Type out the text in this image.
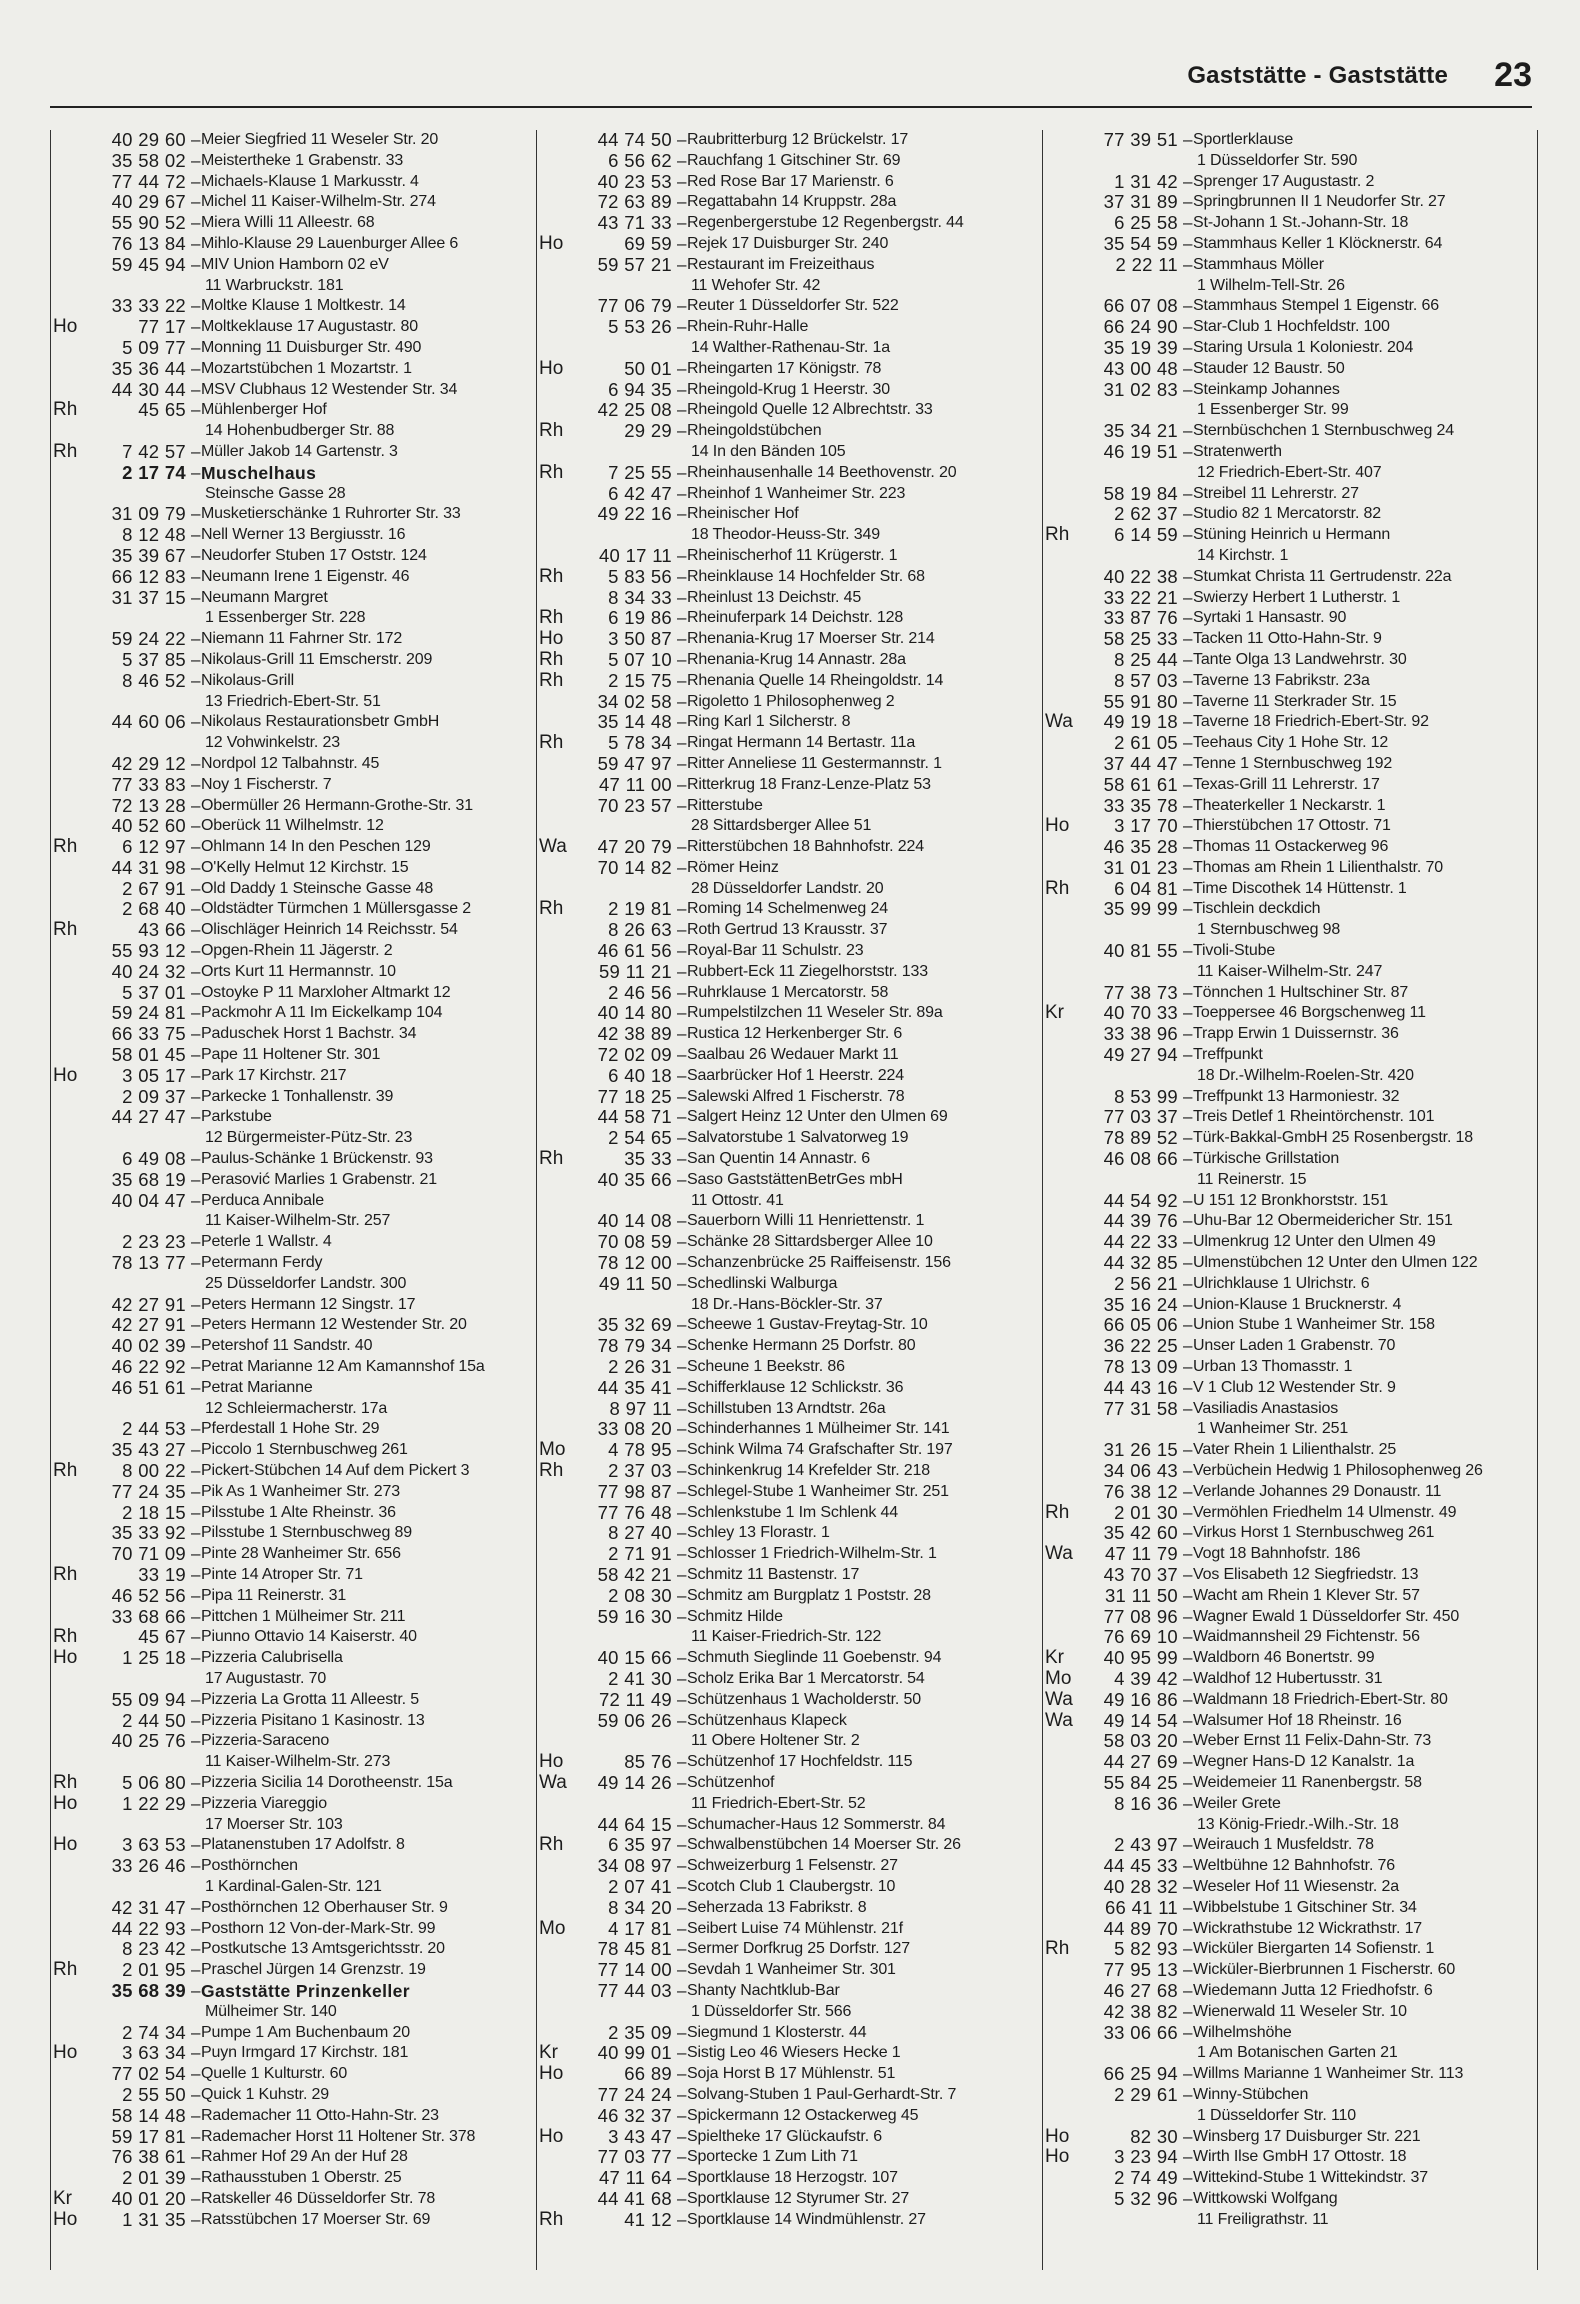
Gaststätte - Gaststätte 23
40 29 60 – Meier Siegfried 11 Weseler Str. 20
35 58 02 – Meistertheke 1 Grabenstr. 33
77 44 72 – Michaels-Klause 1 Markusstr. 4
40 29 67 – Michel 11 Kaiser-Wilhelm-Str. 274
55 90 52 – Miera Willi 11 Alleestr. 68
76 13 84 – Mihlo-Klause 29 Lauenburger Allee 6
59 45 94 – MIV Union Hamborn 02 eV
11 Warbruckstr. 181
33 33 22 – Moltke Klause 1 Moltkestr. 14
Ho	77 17 – Moltkeklause 17 Augustastr. 80
5 09 77 – Monning 11 Duisburger Str. 490
35 36 44 – Mozartstübchen 1 Mozartstr. 1
44 30 44 – MSV Clubhaus 12 Westender Str. 34
Rh	45 65 – Mühlenberger Hof
14 Hohenbudberger Str. 88
Rh	7 42 57 – Müller Jakob 14 Gartenstr. 3
2 17 74 – Muschelhaus
Steinsche Gasse 28
31 09 79 – Musketierschänke 1 Ruhrorter Str. 33
8 12 48 – Nell Werner 13 Bergiusstr. 16
35 39 67 – Neudorfer Stuben 17 Oststr. 124
66 12 83 – Neumann Irene 1 Eigenstr. 46
31 37 15 – Neumann Margret
1 Essenberger Str. 228
59 24 22 – Niemann 11 Fahrner Str. 172
5 37 85 – Nikolaus-Grill 11 Emscherstr. 209
8 46 52 – Nikolaus-Grill
13 Friedrich-Ebert-Str. 51
44 60 06 – Nikolaus Restaurationsbetr GmbH
12 Vohwinkelstr. 23
42 29 12 – Nordpol 12 Talbahnstr. 45
77 33 83 – Noy 1 Fischerstr. 7
72 13 28 – Obermüller 26 Hermann-Grothe-Str. 31
40 52 60 – Oberück 11 Wilhelmstr. 12
Rh	6 12 97 – Ohlmann 14 In den Peschen 129
44 31 98 – O'Kelly Helmut 12 Kirchstr. 15
2 67 91 – Old Daddy 1 Steinsche Gasse 48
2 68 40 – Oldstädter Türmchen 1 Müllersgasse 2
Rh	43 66 – Olischläger Heinrich 14 Reichsstr. 54
55 93 12 – Opgen-Rhein 11 Jägerstr. 2
40 24 32 – Orts Kurt 11 Hermannstr. 10
5 37 01 – Ostoyke P 11 Marxloher Altmarkt 12
59 24 81 – Packmohr A 11 Im Eickelkamp 104
66 33 75 – Paduschek Horst 1 Bachstr. 34
58 01 45 – Pape 11 Holtener Str. 301
Ho	3 05 17 – Park 17 Kirchstr. 217
2 09 37 – Parkecke 1 Tonhallenstr. 39
44 27 47 – Parkstube
12 Bürgermeister-Pütz-Str. 23
6 49 08 – Paulus-Schänke 1 Brückenstr. 93
35 68 19 – Perasović Marlies 1 Grabenstr. 21
40 04 47 – Perduca Annibale
11 Kaiser-Wilhelm-Str. 257
2 23 23 – Peterle 1 Wallstr. 4
78 13 77 – Petermann Ferdy
25 Düsseldorfer Landstr. 300
42 27 91 – Peters Hermann 12 Singstr. 17
42 27 91 – Peters Hermann 12 Westender Str. 20
40 02 39 – Petershof 11 Sandstr. 40
46 22 92 – Petrat Marianne 12 Am Kamannshof 15a
46 51 61 – Petrat Marianne
12 Schleiermacherstr. 17a
2 44 53 – Pferdestall 1 Hohe Str. 29
35 43 27 – Piccolo 1 Sternbuschweg 261
Rh	8 00 22 – Pickert-Stübchen 14 Auf dem Pickert 3
77 24 35 – Pik As 1 Wanheimer Str. 273
2 18 15 – Pilsstube 1 Alte Rheinstr. 36
35 33 92 – Pilsstube 1 Sternbuschweg 89
70 71 09 – Pinte 28 Wanheimer Str. 656
Rh	33 19 – Pinte 14 Atroper Str. 71
46 52 56 – Pipa 11 Reinerstr. 31
33 68 66 – Pittchen 1 Mülheimer Str. 211
Rh	45 67 – Piunno Ottavio 14 Kaiserstr. 40
Ho	1 25 18 – Pizzeria Calubrisella
17 Augustastr. 70
55 09 94 – Pizzeria La Grotta 11 Alleestr. 5
2 44 50 – Pizzeria Pisitano 1 Kasinostr. 13
40 25 76 – Pizzeria-Saraceno
11 Kaiser-Wilhelm-Str. 273
Rh	5 06 80 – Pizzeria Sicilia 14 Dorotheenstr. 15a
Ho	1 22 29 – Pizzeria Viareggio
17 Moerser Str. 103
Ho	3 63 53 – Platanenstuben 17 Adolfstr. 8
33 26 46 – Posthörnchen
1 Kardinal-Galen-Str. 121
42 31 47 – Posthörnchen 12 Oberhauser Str. 9
44 22 93 – Posthorn 12 Von-der-Mark-Str. 99
8 23 42 – Postkutsche 13 Amtsgerichtsstr. 20
Rh	2 01 95 – Praschel Jürgen 14 Grenzstr. 19
35 68 39 – Gaststätte Prinzenkeller
Mülheimer Str. 140
2 74 34 – Pumpe 1 Am Buchenbaum 20
Ho	3 63 34 – Puyn Irmgard 17 Kirchstr. 181
77 02 54 – Quelle 1 Kulturstr. 60
2 55 50 – Quick 1 Kuhstr. 29
58 14 48 – Rademacher 11 Otto-Hahn-Str. 23
59 17 81 – Rademacher Horst 11 Holtener Str. 378
76 38 61 – Rahmer Hof 29 An der Huf 28
2 01 39 – Rathausstuben 1 Oberstr. 25
Kr	40 01 20 – Ratskeller 46 Düsseldorfer Str. 78
Ho	1 31 35 – Ratsstübchen 17 Moerser Str. 69
44 74 50 – Raubritterburg 12 Brückelstr. 17
6 56 62 – Rauchfang 1 Gitschiner Str. 69
40 23 53 – Red Rose Bar 17 Marienstr. 6
72 63 89 – Regattabahn 14 Kruppstr. 28a
43 71 33 – Regenbergerstube 12 Regenbergstr. 44
Ho	69 59 – Rejek 17 Duisburger Str. 240
59 57 21 – Restaurant im Freizeithaus
11 Wehofer Str. 42
77 06 79 – Reuter 1 Düsseldorfer Str. 522
5 53 26 – Rhein-Ruhr-Halle
14 Walther-Rathenau-Str. 1a
Ho	50 01 – Rheingarten 17 Königstr. 78
6 94 35 – Rheingold-Krug 1 Heerstr. 30
42 25 08 – Rheingold Quelle 12 Albrechtstr. 33
Rh	29 29 – Rheingoldstübchen
14 In den Bänden 105
Rh	7 25 55 – Rheinhausenhalle 14 Beethovenstr. 20
6 42 47 – Rheinhof 1 Wanheimer Str. 223
49 22 16 – Rheinischer Hof
18 Theodor-Heuss-Str. 349
40 17 11 – Rheinischerhof 11 Krügerstr. 1
Rh	5 83 56 – Rheinklause 14 Hochfelder Str. 68
8 34 33 – Rheinlust 13 Deichstr. 45
Rh	6 19 86 – Rheinuferpark 14 Deichstr. 128
Ho	3 50 87 – Rhenania-Krug 17 Moerser Str. 214
Rh	5 07 10 – Rhenania-Krug 14 Annastr. 28a
Rh	2 15 75 – Rhenania Quelle 14 Rheingoldstr. 14
34 02 58 – Rigoletto 1 Philosophenweg 2
35 14 48 – Ring Karl 1 Silcherstr. 8
Rh	5 78 34 – Ringat Hermann 14 Bertastr. 11a
59 47 97 – Ritter Anneliese 11 Gestermannstr. 1
47 11 00 – Ritterkrug 18 Franz-Lenze-Platz 53
70 23 57 – Ritterstube
28 Sittardsberger Allee 51
Wa	47 20 79 – Ritterstübchen 18 Bahnhofstr. 224
70 14 82 – Römer Heinz
28 Düsseldorfer Landstr. 20
Rh	2 19 81 – Roming 14 Schelmenweg 24
8 26 63 – Roth Gertrud 13 Krausstr. 37
46 61 56 – Royal-Bar 11 Schulstr. 23
59 11 21 – Rubbert-Eck 11 Ziegelhorststr. 133
2 46 56 – Ruhrklause 1 Mercatorstr. 58
40 14 80 – Rumpelstilzchen 11 Weseler Str. 89a
42 38 89 – Rustica 12 Herkenberger Str. 6
72 02 09 – Saalbau 26 Wedauer Markt 11
6 40 18 – Saarbrücker Hof 1 Heerstr. 224
77 18 25 – Salewski Alfred 1 Fischerstr. 78
44 58 71 – Salgert Heinz 12 Unter den Ulmen 69
2 54 65 – Salvatorstube 1 Salvatorweg 19
Rh	35 33 – San Quentin 14 Annastr. 6
40 35 66 – Saso GaststättenBetrGes mbH
11 Ottostr. 41
40 14 08 – Sauerborn Willi 11 Henriettenstr. 1
70 08 59 – Schänke 28 Sittardsberger Allee 10
78 12 00 – Schanzenbrücke 25 Raiffeisenstr. 156
49 11 50 – Schedlinski Walburga
18 Dr.-Hans-Böckler-Str. 37
35 32 69 – Scheewe 1 Gustav-Freytag-Str. 10
78 79 34 – Schenke Hermann 25 Dorfstr. 80
2 26 31 – Scheune 1 Beekstr. 86
44 35 41 – Schifferklause 12 Schlickstr. 36
8 97 11 – Schillstuben 13 Arndtstr. 26a
33 08 20 – Schinderhannes 1 Mülheimer Str. 141
Mo	4 78 95 – Schink Wilma 74 Grafschafter Str. 197
Rh	2 37 03 – Schinkenkrug 14 Krefelder Str. 218
77 98 87 – Schlegel-Stube 1 Wanheimer Str. 251
77 76 48 – Schlenkstube 1 Im Schlenk 44
8 27 40 – Schley 13 Florastr. 1
2 71 91 – Schlosser 1 Friedrich-Wilhelm-Str. 1
58 42 21 – Schmitz 11 Bastenstr. 17
2 08 30 – Schmitz am Burgplatz 1 Poststr. 28
59 16 30 – Schmitz Hilde
11 Kaiser-Friedrich-Str. 122
40 15 66 – Schmuth Sieglinde 11 Goebenstr. 94
2 41 30 – Scholz Erika Bar 1 Mercatorstr. 54
72 11 49 – Schützenhaus 1 Wacholderstr. 50
59 06 26 – Schützenhaus Klapeck
11 Obere Holtener Str. 2
Ho	85 76 – Schützenhof 17 Hochfeldstr. 115
Wa	49 14 26 – Schützenhof
11 Friedrich-Ebert-Str. 52
44 64 15 – Schumacher-Haus 12 Sommerstr. 84
Rh	6 35 97 – Schwalbenstübchen 14 Moerser Str. 26
34 08 97 – Schweizerburg 1 Felsenstr. 27
2 07 41 – Scotch Club 1 Claubergstr. 10
8 34 20 – Seherzada 13 Fabrikstr. 8
Mo	4 17 81 – Seibert Luise 74 Mühlenstr. 21f
78 45 81 – Sermer Dorfkrug 25 Dorfstr. 127
77 14 00 – Sevdah 1 Wanheimer Str. 301
77 44 03 – Shanty Nachtklub-Bar
1 Düsseldorfer Str. 566
2 35 09 – Siegmund 1 Klosterstr. 44
Kr	40 99 01 – Sistig Leo 46 Wiesers Hecke 1
Ho	66 89 – Soja Horst B 17 Mühlenstr. 51
77 24 24 – Solvang-Stuben 1 Paul-Gerhardt-Str. 7
46 32 37 – Spickermann 12 Ostackerweg 45
Ho	3 43 47 – Spieltheke 17 Glückaufstr. 6
77 03 77 – Sportecke 1 Zum Lith 71
47 11 64 – Sportklause 18 Herzogstr. 107
44 41 68 – Sportklause 12 Styrumer Str. 27
Rh	41 12 – Sportklause 14 Windmühlenstr. 27
77 39 51 – Sportlerklause
1 Düsseldorfer Str. 590
1 31 42 – Sprenger 17 Augustastr. 2
37 31 89 – Springbrunnen II 1 Neudorfer Str. 27
6 25 58 – St-Johann 1 St.-Johann-Str. 18
35 54 59 – Stammhaus Keller 1 Klöcknerstr. 64
2 22 11 – Stammhaus Möller
1 Wilhelm-Tell-Str. 26
66 07 08 – Stammhaus Stempel 1 Eigenstr. 66
66 24 90 – Star-Club 1 Hochfeldstr. 100
35 19 39 – Staring Ursula 1 Koloniestr. 204
43 00 48 – Stauder 12 Baustr. 50
31 02 83 – Steinkamp Johannes
1 Essenberger Str. 99
35 34 21 – Sternbüschchen 1 Sternbuschweg 24
46 19 51 – Stratenwerth
12 Friedrich-Ebert-Str. 407
58 19 84 – Streibel 11 Lehrerstr. 27
2 62 37 – Studio 82 1 Mercatorstr. 82
Rh	6 14 59 – Stüning Heinrich u Hermann
14 Kirchstr. 1
40 22 38 – Stumkat Christa 11 Gertrudenstr. 22a
33 22 21 – Swierzy Herbert 1 Lutherstr. 1
33 87 76 – Syrtaki 1 Hansastr. 90
58 25 33 – Tacken 11 Otto-Hahn-Str. 9
8 25 44 – Tante Olga 13 Landwehrstr. 30
8 57 03 – Taverne 13 Fabrikstr. 23a
55 91 80 – Taverne 11 Sterkrader Str. 15
Wa	49 19 18 – Taverne 18 Friedrich-Ebert-Str. 92
2 61 05 – Teehaus City 1 Hohe Str. 12
37 44 47 – Tenne 1 Sternbuschweg 192
58 61 61 – Texas-Grill 11 Lehrerstr. 17
33 35 78 – Theaterkeller 1 Neckarstr. 1
Ho	3 17 70 – Thierstübchen 17 Ottostr. 71
46 35 28 – Thomas 11 Ostackerweg 96
31 01 23 – Thomas am Rhein 1 Lilienthalstr. 70
Rh	6 04 81 – Time Discothek 14 Hüttenstr. 1
35 99 99 – Tischlein deckdich
1 Sternbuschweg 98
40 81 55 – Tivoli-Stube
11 Kaiser-Wilhelm-Str. 247
77 38 73 – Tönnchen 1 Hultschiner Str. 87
Kr	40 70 33 – Toeppersee 46 Borgschenweg 11
33 38 96 – Trapp Erwin 1 Duissernstr. 36
49 27 94 – Treffpunkt
18 Dr.-Wilhelm-Roelen-Str. 420
8 53 99 – Treffpunkt 13 Harmoniestr. 32
77 03 37 – Treis Detlef 1 Rheintörchenstr. 101
78 89 52 – Türk-Bakkal-GmbH 25 Rosenbergstr. 18
46 08 66 – Türkische Grillstation
11 Reinerstr. 15
44 54 92 – U 151 12 Bronkhorststr. 151
44 39 76 – Uhu-Bar 12 Obermeidericher Str. 151
44 22 33 – Ulmenkrug 12 Unter den Ulmen 49
44 32 85 – Ulmenstübchen 12 Unter den Ulmen 122
2 56 21 – Ulrichklause 1 Ulrichstr. 6
35 16 24 – Union-Klause 1 Brucknerstr. 4
66 05 06 – Union Stube 1 Wanheimer Str. 158
36 22 25 – Unser Laden 1 Grabenstr. 70
78 13 09 – Urban 13 Thomasstr. 1
44 43 16 – V 1 Club 12 Westender Str. 9
77 31 58 – Vasiliadis Anastasios
1 Wanheimer Str. 251
31 26 15 – Vater Rhein 1 Lilienthalstr. 25
34 06 43 – Verbüchein Hedwig 1 Philosophenweg 26
76 38 12 – Verlande Johannes 29 Donaustr. 11
Rh	2 01 30 – Vermöhlen Friedhelm 14 Ulmenstr. 49
35 42 60 – Virkus Horst 1 Sternbuschweg 261
Wa	47 11 79 – Vogt 18 Bahnhofstr. 186
43 70 37 – Vos Elisabeth 12 Siegfriedstr. 13
31 11 50 – Wacht am Rhein 1 Klever Str. 57
77 08 96 – Wagner Ewald 1 Düsseldorfer Str. 450
76 69 10 – Waidmannsheil 29 Fichtenstr. 56
Kr	40 95 99 – Waldborn 46 Bonertstr. 99
Mo	4 39 42 – Waldhof 12 Hubertusstr. 31
Wa	49 16 86 – Waldmann 18 Friedrich-Ebert-Str. 80
Wa	49 14 54 – Walsumer Hof 18 Rheinstr. 16
58 03 20 – Weber Ernst 11 Felix-Dahn-Str. 73
44 27 69 – Wegner Hans-D 12 Kanalstr. 1a
55 84 25 – Weidemeier 11 Ranenbergstr. 58
8 16 36 – Weiler Grete
13 König-Friedr.-Wilh.-Str. 18
2 43 97 – Weirauch 1 Musfeldstr. 78
44 45 33 – Weltbühne 12 Bahnhofstr. 76
40 28 32 – Weseler Hof 11 Wiesenstr. 2a
66 41 11 – Wibbelstube 1 Gitschiner Str. 34
44 89 70 – Wickrathstube 12 Wickrathstr. 17
Rh	5 82 93 – Wicküler Biergarten 14 Sofienstr. 1
77 95 13 – Wicküler-Bierbrunnen 1 Fischerstr. 60
46 27 68 – Wiedemann Jutta 12 Friedhofstr. 6
42 38 82 – Wienerwald 11 Weseler Str. 10
33 06 66 – Wilhelmshöhe
1 Am Botanischen Garten 21
66 25 94 – Willms Marianne 1 Wanheimer Str. 113
2 29 61 – Winny-Stübchen
1 Düsseldorfer Str. 110
Ho	82 30 – Winsberg 17 Duisburger Str. 221
Ho	3 23 94 – Wirth Ilse GmbH 17 Ottostr. 18
2 74 49 – Wittekind-Stube 1 Wittekindstr. 37
5 32 96 – Wittkowski Wolfgang
11 Freiligrathstr. 11
